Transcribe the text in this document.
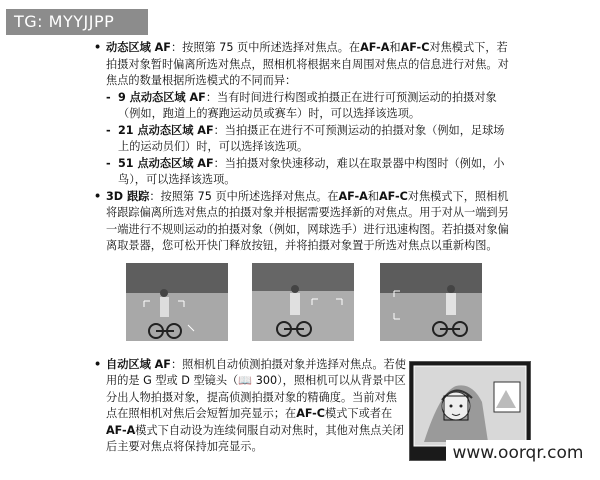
TG: MYYJJPP
• 动态区域 AF：按照第 75 页中所述选择对焦点。在AF-A和AF-C对焦模式下，若拍摄对象暂时偏离所选对焦点，照相机将根据来自周围对焦点的信息进行对焦。对焦点的数量根据所选模式的不同而异：

- 9 点动态区域 AF：当有时间进行构图或拍摄正在进行可预测运动的拍摄对象（例如，跑道上的赛跑运动员或赛车）时，可以选择该选项。

- 21 点动态区域 AF：当拍摄正在进行不可预测运动的拍摄对象（例如，足球场上的运动员们）时，可以选择该选项。

- 51 点动态区域 AF：当拍摄对象快速移动，难以在取景器中构图时（例如，小鸟），可以选择该选项。

• 3D 跟踪：按照第 75 页中所述选择对焦点。在AF-A和AF-C对焦模式下，照相机将跟踪偏离所选对焦点的拍摄对象并根据需要选择新的对焦点。用于对从一端到另一端进行不规则运动的拍摄对象（例如，网球选手）进行迅速构图。若拍摄对象偏离取景器，您可松开快门释放按钮，并将拍摄对象置于所选对焦点以重新构图。

• 自动区域 AF：照相机自动侦测拍摄对象并选择对焦点。若使用的是 G 型或 D 型镜头（📖 300），照相机可以从背景中区分出人物拍摄对象，提高侦测拍摄对象的精确度。当前对焦点在照相机对焦后会短暂加亮显示；在AF-C模式下或者在AF-A模式下自动设为连续伺服自动对焦时，其他对焦点关闭后主要对焦点将保持加亮显示。	www.oorqr.com
